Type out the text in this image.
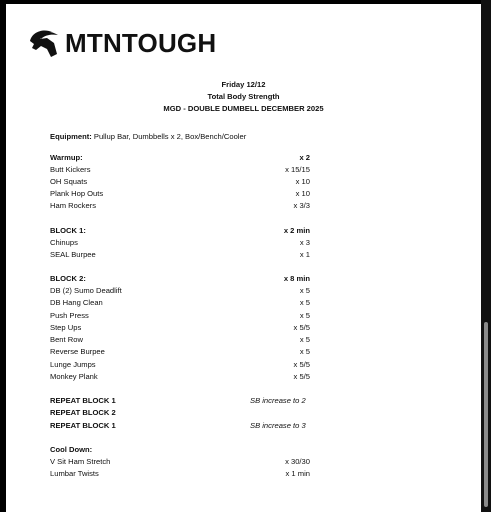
MTNTOUGH
Friday 12/12
Total Body Strength
MGD - DOUBLE DUMBELL DECEMBER 2025
Equipment: Pullup Bar, Dumbbells x 2, Box/Bench/Cooler
Warmup:	x 2
Butt Kickers	x 15/15
OH Squats	x 10
Plank Hop Outs	x 10
Ham Rockers	x 3/3
BLOCK 1:	x 2 min
Chinups	x 3
SEAL Burpee	x 1
BLOCK 2:	x 8 min
DB (2) Sumo Deadlift	x 5
DB Hang Clean	x 5
Push Press	x 5
Step Ups	x 5/5
Bent Row	x 5
Reverse Burpee	x 5
Lunge Jumps	x 5/5
Monkey Plank	x 5/5
REPEAT BLOCK 1	SB increase to 2
REPEAT BLOCK 2
REPEAT BLOCK 1	SB increase to 3
Cool Down:
V Sit Ham Stretch	x 30/30
Lumbar Twists	x 1 min
